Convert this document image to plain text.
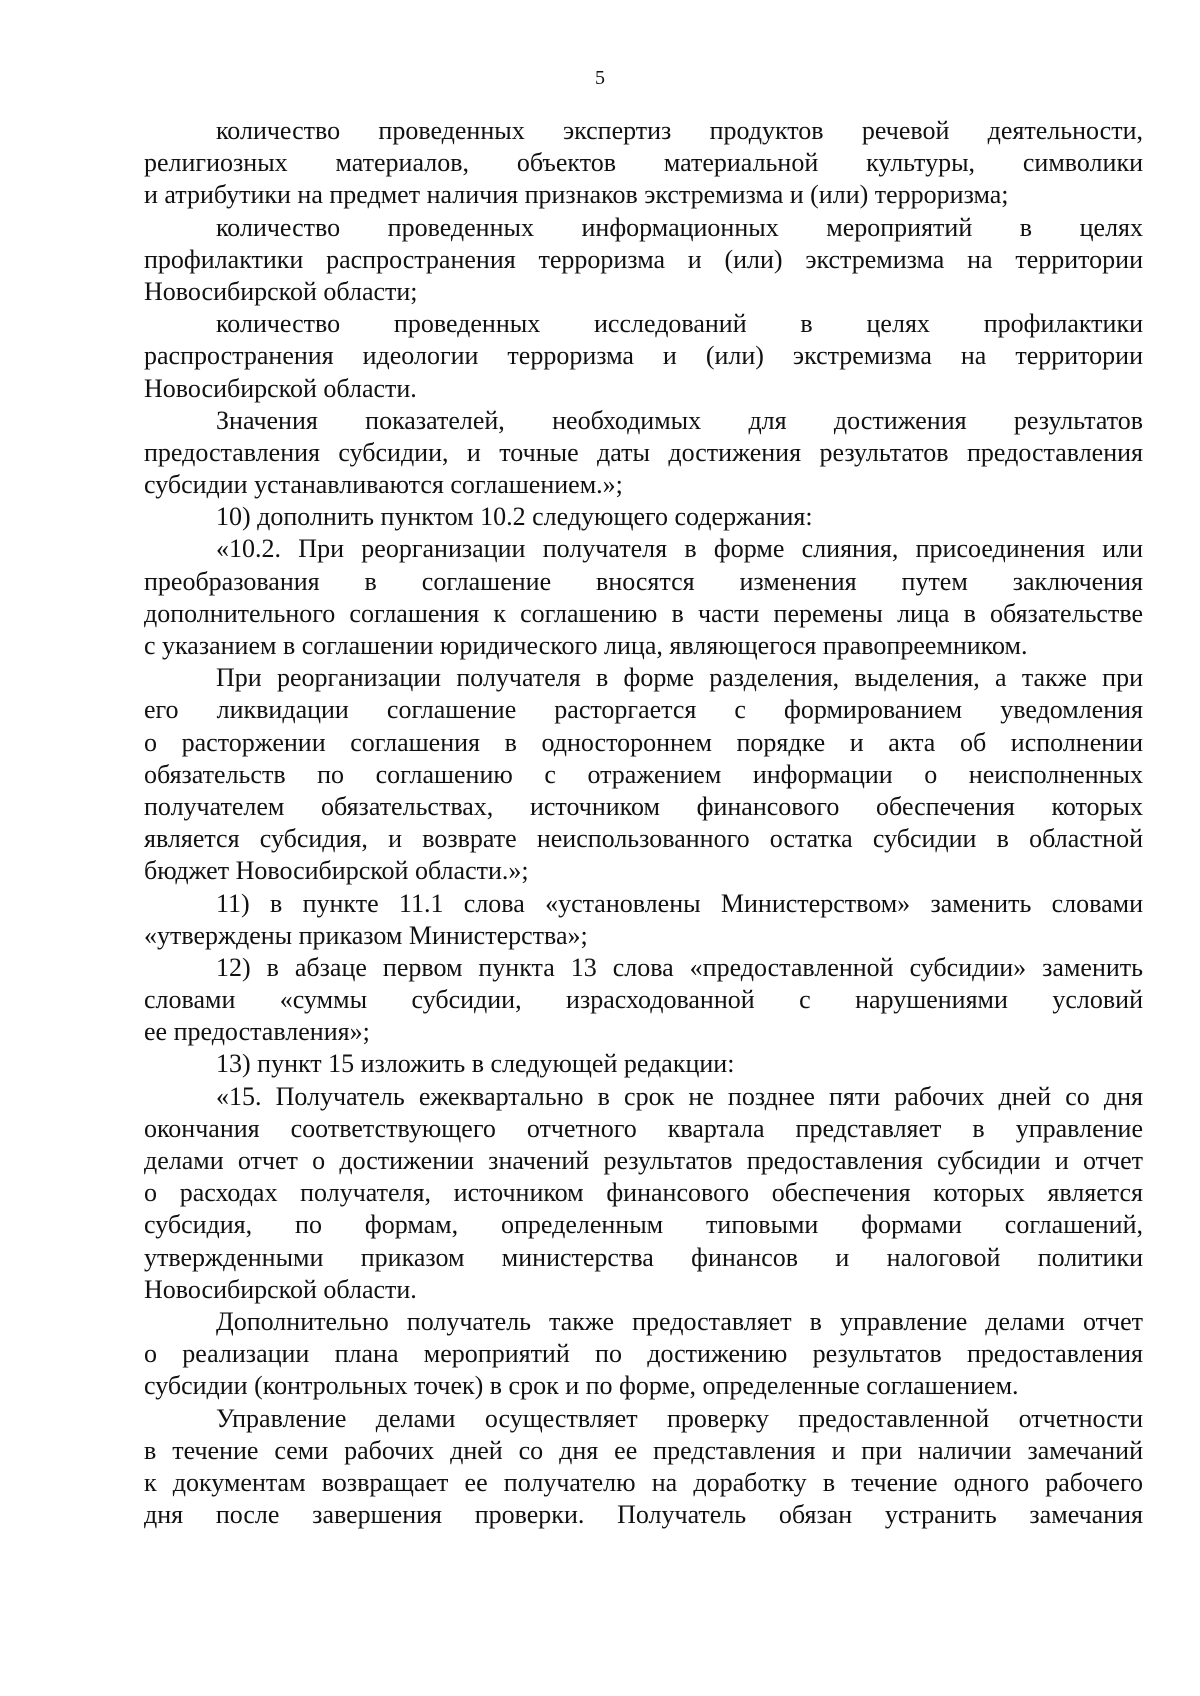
5
количество проведенных экспертиз продуктов речевой деятельности,
религиозных материалов, объектов материальной культуры, символики
и атрибутики на предмет наличия признаков экстремизма и (или) терроризма;
количество проведенных информационных мероприятий в целях
профилактики распространения терроризма и (или) экстремизма на территории
Новосибирской области;
количество проведенных исследований в целях профилактики
распространения идеологии терроризма и (или) экстремизма на территории
Новосибирской области.
Значения показателей, необходимых для достижения результатов
предоставления субсидии, и точные даты достижения результатов предоставления
субсидии устанавливаются соглашением.»;
10) дополнить пунктом 10.2 следующего содержания:
«10.2. При реорганизации получателя в форме слияния, присоединения или
преобразования в соглашение вносятся изменения путем заключения
дополнительного соглашения к соглашению в части перемены лица в обязательстве
с указанием в соглашении юридического лица, являющегося правопреемником.
При реорганизации получателя в форме разделения, выделения, а также при
его ликвидации соглашение расторгается с формированием уведомления
о расторжении соглашения в одностороннем порядке и акта об исполнении
обязательств по соглашению с отражением информации о неисполненных
получателем обязательствах, источником финансового обеспечения которых
является субсидия, и возврате неиспользованного остатка субсидии в областной
бюджет Новосибирской области.»;
11) в пункте 11.1 слова «установлены Министерством» заменить словами
«утверждены приказом Министерства»;
12) в абзаце первом пункта 13 слова «предоставленной субсидии» заменить
словами «суммы субсидии, израсходованной с нарушениями условий
ее предоставления»;
13) пункт 15 изложить в следующей редакции:
«15. Получатель ежеквартально в срок не позднее пяти рабочих дней со дня
окончания соответствующего отчетного квартала представляет в управление
делами отчет о достижении значений результатов предоставления субсидии и отчет
о расходах получателя, источником финансового обеспечения которых является
субсидия, по формам, определенным типовыми формами соглашений,
утвержденными приказом министерства финансов и налоговой политики
Новосибирской области.
Дополнительно получатель также предоставляет в управление делами отчет
о реализации плана мероприятий по достижению результатов предоставления
субсидии (контрольных точек) в срок и по форме, определенные соглашением.
Управление делами осуществляет проверку предоставленной отчетности
в течение семи рабочих дней со дня ее представления и при наличии замечаний
к документам возвращает ее получателю на доработку в течение одного рабочего
дня после завершения проверки. Получатель обязан устранить замечания
